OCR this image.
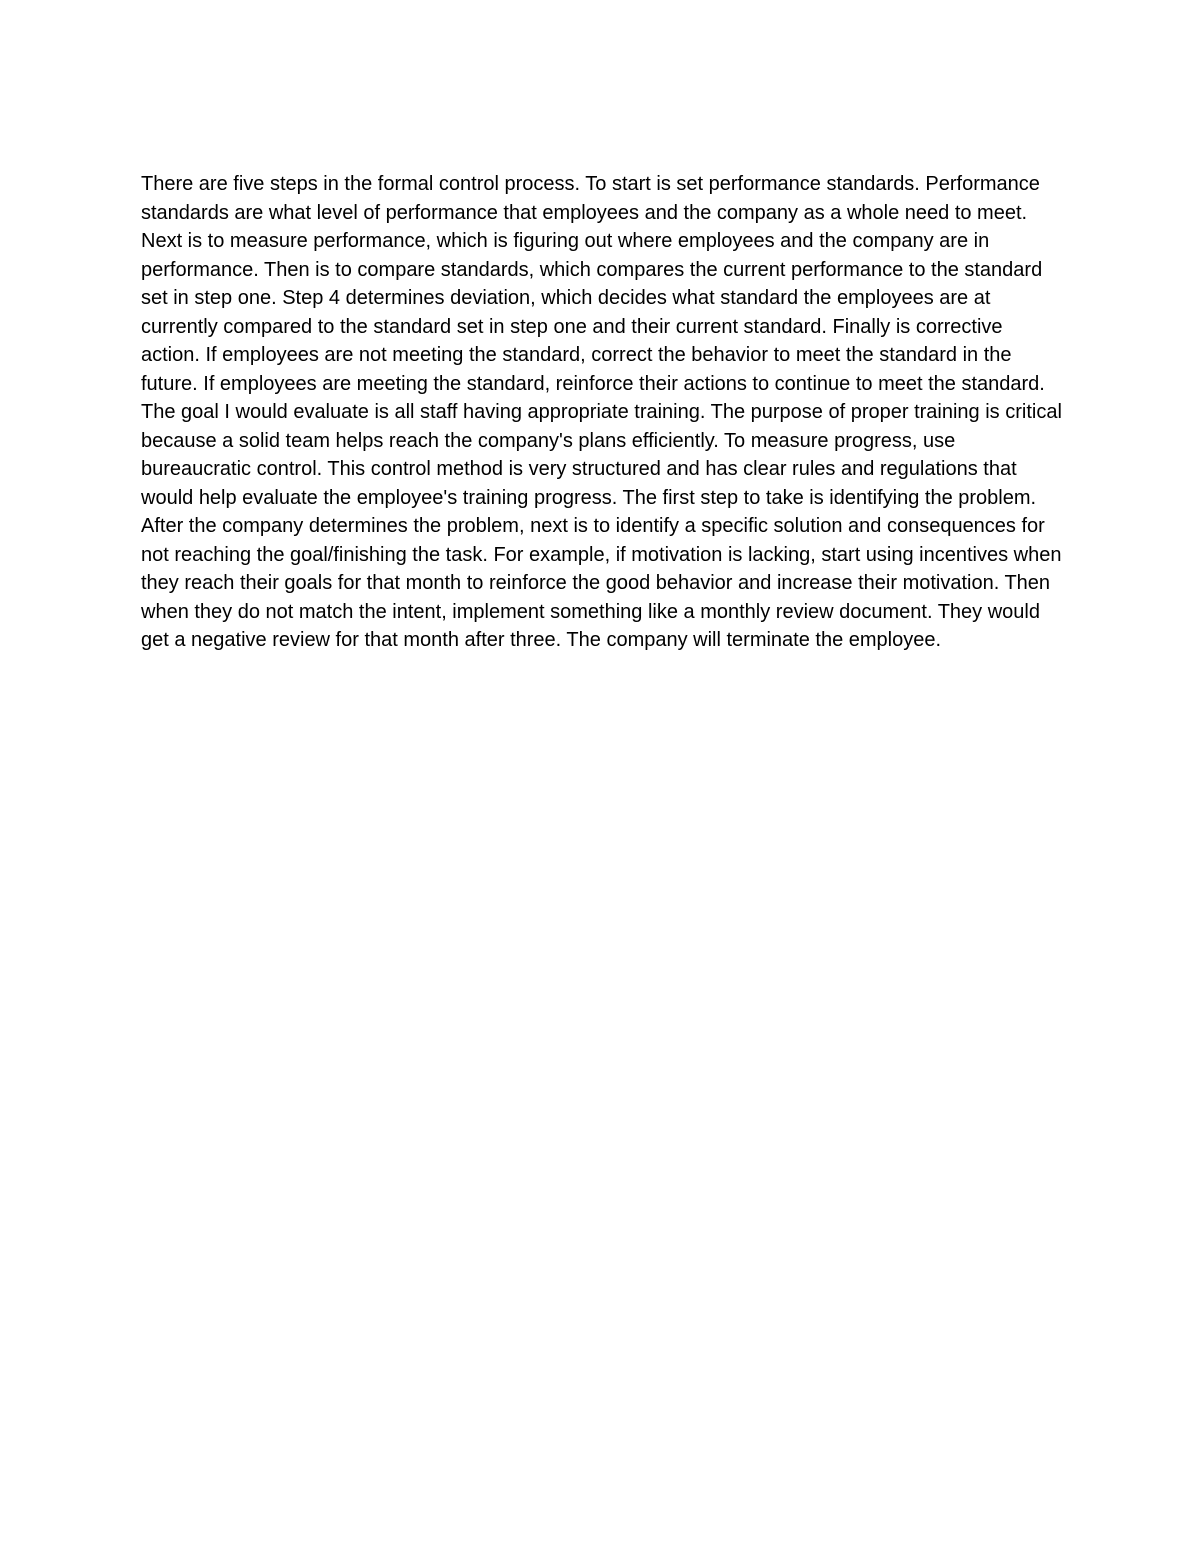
There are five steps in the formal control process. To start is set performance standards. Performance standards are what level of performance that employees and the company as a whole need to meet. Next is to measure performance, which is figuring out where employees and the company are in performance. Then is to compare standards, which compares the current performance to the standard set in step one. Step 4 determines deviation, which decides what standard the employees are at currently compared to the standard set in step one and their current standard. Finally is corrective action. If employees are not meeting the standard, correct the behavior to meet the standard in the future. If employees are meeting the standard, reinforce their actions to continue to meet the standard.

The goal I would evaluate is all staff having appropriate training. The purpose of proper training is critical because a solid team helps reach the company's plans efficiently. To measure progress, use bureaucratic control. This control method is very structured and has clear rules and regulations that would help evaluate the employee's training progress. The first step to take is identifying the problem. After the company determines the problem, next is to identify a specific solution and consequences for not reaching the goal/finishing the task. For example, if motivation is lacking, start using incentives when they reach their goals for that month to reinforce the good behavior and increase their motivation. Then when they do not match the intent, implement something like a monthly review document. They would get a negative review for that month after three. The company will terminate the employee.
